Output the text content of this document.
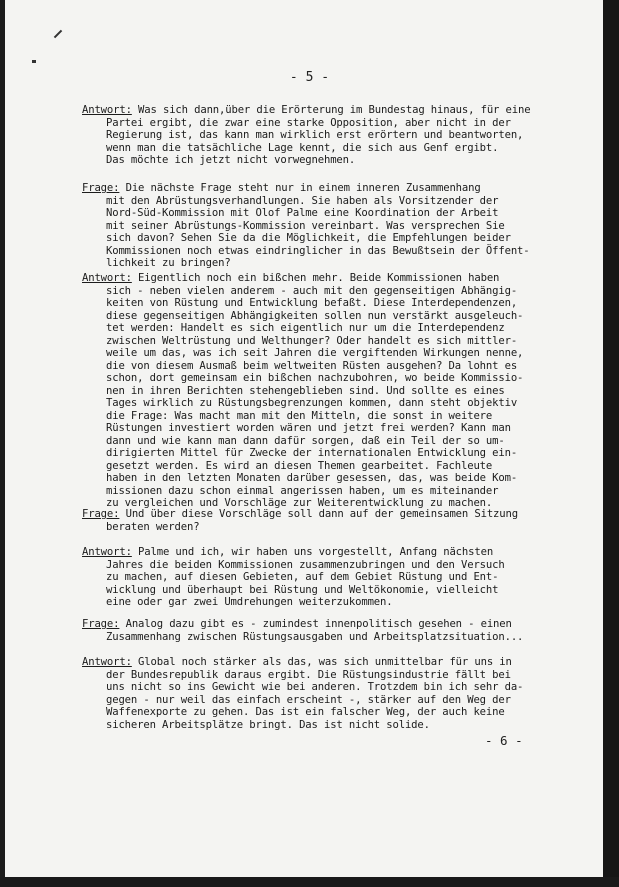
- 5 -
Antwort: Was sich dann,über die Erörterung im Bundestag hinaus, für eine
Partei ergibt, die zwar eine starke Opposition, aber nicht in der
Regierung ist, das kann man wirklich erst erörtern und beantworten,
wenn man die tatsächliche Lage kennt, die sich aus Genf ergibt.
Das möchte ich jetzt nicht vorwegnehmen.
Frage: Die nächste Frage steht nur in einem inneren Zusammenhang
mit den Abrüstungsverhandlungen. Sie haben als Vorsitzender der
Nord-Süd-Kommission mit Olof Palme eine Koordination der Arbeit
mit seiner Abrüstungs-Kommission vereinbart. Was versprechen Sie
sich davon? Sehen Sie da die Möglichkeit, die Empfehlungen beider
Kommissionen noch etwas eindringlicher in das Bewußtsein der Öffent-
lichkeit zu bringen?
Antwort: Eigentlich noch ein bißchen mehr. Beide Kommissionen haben
sich - neben vielen anderem - auch mit den gegenseitigen Abhängig-
keiten von Rüstung und Entwicklung befaßt. Diese Interdependenzen,
diese gegenseitigen Abhängigkeiten sollen nun verstärkt ausgeleuch-
tet werden: Handelt es sich eigentlich nur um die Interdependenz
zwischen Weltrüstung und Welthunger? Oder handelt es sich mittler-
weile um das, was ich seit Jahren die vergiftenden Wirkungen nenne,
die von diesem Ausmaß beim weltweiten Rüsten ausgehen? Da lohnt es
schon, dort gemeinsam ein bißchen nachzubohren, wo beide Kommissio-
nen in ihren Berichten stehengeblieben sind. Und sollte es eines
Tages wirklich zu Rüstungsbegrenzungen kommen, dann steht objektiv
die Frage: Was macht man mit den Mitteln, die sonst in weitere
Rüstungen investiert worden wären und jetzt frei werden? Kann man
dann und wie kann man dann dafür sorgen, daß ein Teil der so um-
dirigierten Mittel für Zwecke der internationalen Entwicklung ein-
gesetzt werden. Es wird an diesen Themen gearbeitet. Fachleute
haben in den letzten Monaten darüber gesessen, das, was beide Kom-
missionen dazu schon einmal angerissen haben, um es miteinander
zu vergleichen und Vorschläge zur Weiterentwicklung zu machen.
Frage: Und über diese Vorschläge soll dann auf der gemeinsamen Sitzung
beraten werden?
Antwort: Palme und ich, wir haben uns vorgestellt, Anfang nächsten
Jahres die beiden Kommissionen zusammenzubringen und den Versuch
zu machen, auf diesen Gebieten, auf dem Gebiet Rüstung und Ent-
wicklung und überhaupt bei Rüstung und Weltökonomie, vielleicht
eine oder gar zwei Umdrehungen weiterzukommen.
Frage: Analog dazu gibt es - zumindest innenpolitisch gesehen - einen
Zusammenhang zwischen Rüstungsausgaben und Arbeitsplatzsituation...
Antwort: Global noch stärker als das, was sich unmittelbar für uns in
der Bundesrepublik daraus ergibt. Die Rüstungsindustrie fällt bei
uns nicht so ins Gewicht wie bei anderen. Trotzdem bin ich sehr da-
gegen - nur weil das einfach erscheint -, stärker auf den Weg der
Waffenexporte zu gehen. Das ist ein falscher Weg, der auch keine
sicheren Arbeitsplätze bringt. Das ist nicht solide.
- 6 -
